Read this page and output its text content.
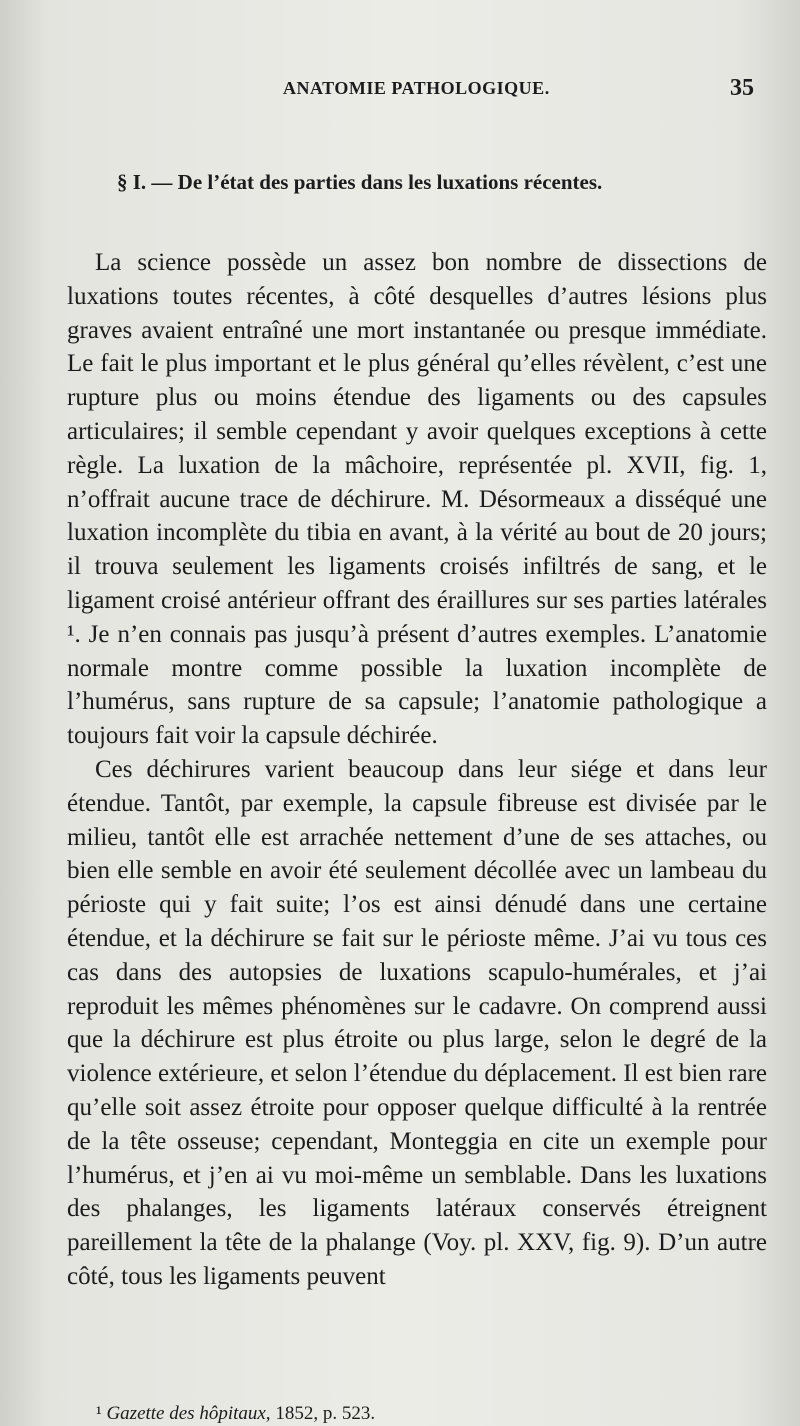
ANATOMIE PATHOLOGIQUE.	35
§ I. — De l’état des parties dans les luxations récentes.

La science possède un assez bon nombre de dissections de luxations toutes récentes, à côté desquelles d’autres lésions plus graves avaient entraîné une mort instantanée ou presque immédiate. Le fait le plus important et le plus général qu’elles révèlent, c’est une rupture plus ou moins étendue des ligaments ou des capsules articulaires; il semble cependant y avoir quelques exceptions à cette règle. La luxation de la mâchoire, représentée pl. XVII, fig. 1, n’offrait aucune trace de déchirure. M. Désormeaux a disséqué une luxation incomplète du tibia en avant, à la vérité au bout de 20 jours; il trouva seulement les ligaments croisés infiltrés de sang, et le ligament croisé antérieur offrant des éraillures sur ses parties latérales ¹. Je n’en connais pas jusqu’à présent d’autres exemples. L’anatomie normale montre comme possible la luxation incomplète de l’humérus, sans rupture de sa capsule; l’anatomie pathologique a toujours fait voir la capsule déchirée.

Ces déchirures varient beaucoup dans leur siége et dans leur étendue. Tantôt, par exemple, la capsule fibreuse est divisée par le milieu, tantôt elle est arrachée nettement d’une de ses attaches, ou bien elle semble en avoir été seulement décollée avec un lambeau du périoste qui y fait suite; l’os est ainsi dénudé dans une certaine étendue, et la déchirure se fait sur le périoste même. J’ai vu tous ces cas dans des autopsies de luxations scapulo-humérales, et j’ai reproduit les mêmes phénomènes sur le cadavre. On comprend aussi que la déchirure est plus étroite ou plus large, selon le degré de la violence extérieure, et selon l’étendue du déplacement. Il est bien rare qu’elle soit assez étroite pour opposer quelque difficulté à la rentrée de la tête osseuse; cependant, Monteggia en cite un exemple pour l’humérus, et j’en ai vu moi-même un semblable. Dans les luxations des phalanges, les ligaments latéraux conservés étreignent pareillement la tête de la phalange (Voy. pl. XXV, fig. 9). D’un autre côté, tous les ligaments peuvent

¹ Gazette des hôpitaux, 1852, p. 523.
